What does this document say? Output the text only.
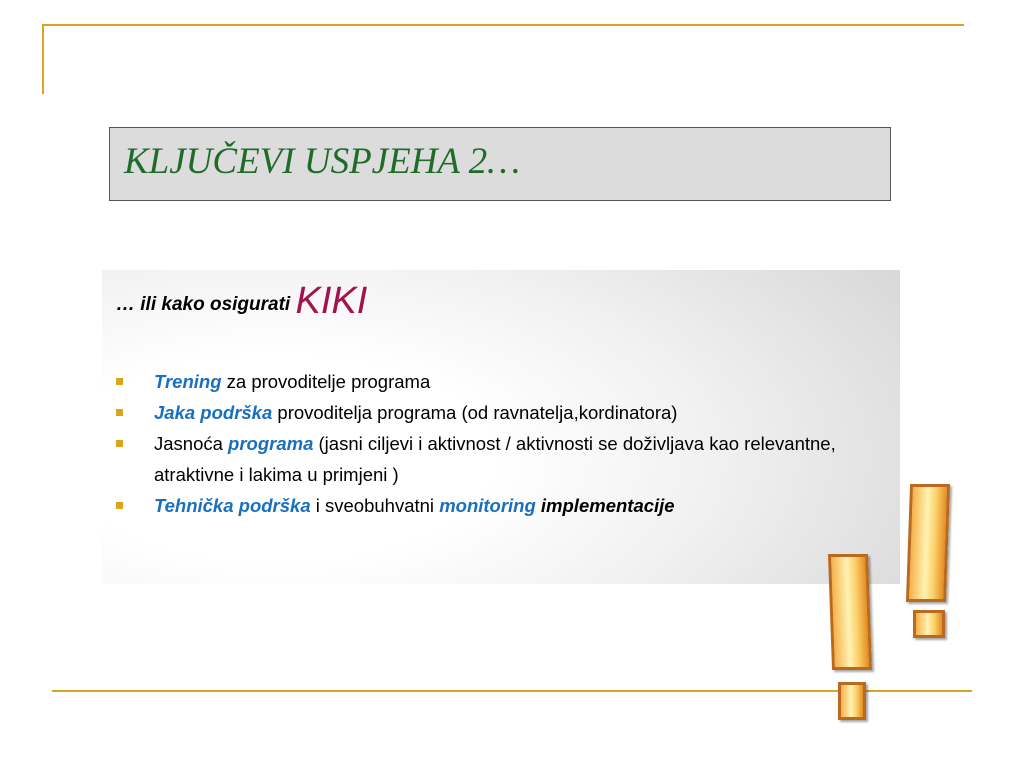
KLJUČEVI USPJEHA 2…
… ili kako osigurati KIKI
Trening za provoditelje programa
Jaka podrška provoditelja programa (od ravnatelja,kordinatora)
Jasnoća programa (jasni ciljevi i aktivnost / aktivnosti se doživljava kao relevantne, atraktivne i lakima u primjeni )
Tehnička podrška i sveobuhvatni monitoring implementacije
